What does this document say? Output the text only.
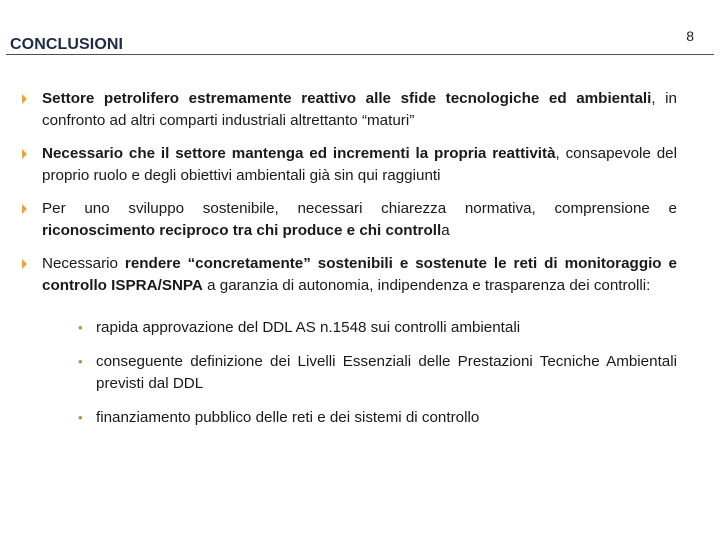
8
CONCLUSIONI
Settore petrolifero estremamente reattivo alle sfide tecnologiche ed ambientali, in confronto ad altri comparti industriali altrettanto “maturi”
Necessario che il settore mantenga ed incrementi la propria reattività, consapevole del proprio ruolo e degli obiettivi ambientali già sin qui raggiunti
Per uno sviluppo sostenibile, necessari chiarezza normativa, comprensione e riconoscimento reciproco tra chi produce e chi controlla
Necessario rendere “concretamente” sostenibili e sostenute le reti di monitoraggio e controllo ISPRA/SNPA a garanzia di autonomia, indipendenza e trasparenza dei controlli:
• rapida approvazione del DDL AS n.1548 sui controlli ambientali
• conseguente definizione dei Livelli Essenziali delle Prestazioni Tecniche Ambientali previsti dal DDL
• finanziamento pubblico delle reti e dei sistemi di controllo
